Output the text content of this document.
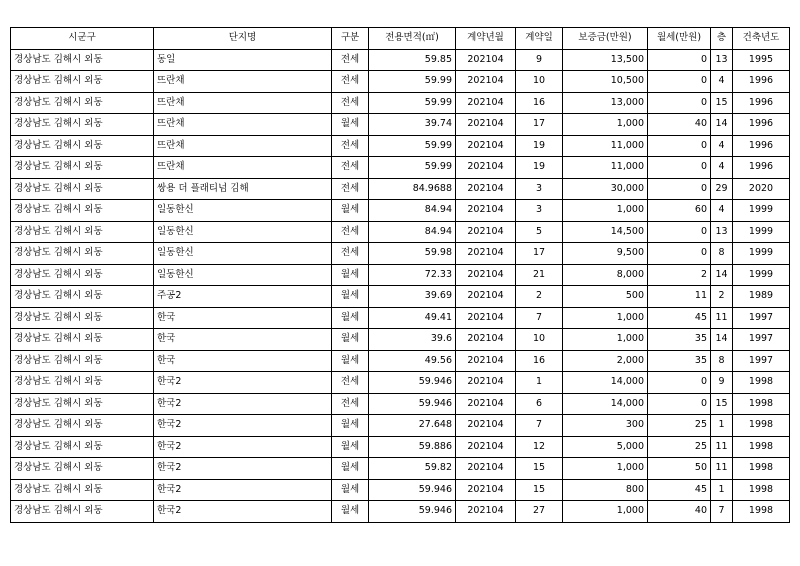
시군구	단지명	구분	전용면적(㎡)	계약년월	계약일	보증금(만원)	월세(만원)	층	건축년도
경상남도 김해시 외동	동일	전세	59.85	202104	9	13,500	0	13	1995
경상남도 김해시 외동	뜨란채	전세	59.99	202104	10	10,500	0	4	1996
경상남도 김해시 외동	뜨란채	전세	59.99	202104	16	13,000	0	15	1996
경상남도 김해시 외동	뜨란채	월세	39.74	202104	17	1,000	40	14	1996
경상남도 김해시 외동	뜨란채	전세	59.99	202104	19	11,000	0	4	1996
경상남도 김해시 외동	뜨란채	전세	59.99	202104	19	11,000	0	4	1996
경상남도 김해시 외동	쌍용 더 플래티넘 김해	전세	84.9688	202104	3	30,000	0	29	2020
경상남도 김해시 외동	일동한신	월세	84.94	202104	3	1,000	60	4	1999
경상남도 김해시 외동	일동한신	전세	84.94	202104	5	14,500	0	13	1999
경상남도 김해시 외동	일동한신	전세	59.98	202104	17	9,500	0	8	1999
경상남도 김해시 외동	일동한신	월세	72.33	202104	21	8,000	2	14	1999
경상남도 김해시 외동	주공2	월세	39.69	202104	2	500	11	2	1989
경상남도 김해시 외동	한국	월세	49.41	202104	7	1,000	45	11	1997
경상남도 김해시 외동	한국	월세	39.6	202104	10	1,000	35	14	1997
경상남도 김해시 외동	한국	월세	49.56	202104	16	2,000	35	8	1997
경상남도 김해시 외동	한국2	전세	59.946	202104	1	14,000	0	9	1998
경상남도 김해시 외동	한국2	전세	59.946	202104	6	14,000	0	15	1998
경상남도 김해시 외동	한국2	월세	27.648	202104	7	300	25	1	1998
경상남도 김해시 외동	한국2	월세	59.886	202104	12	5,000	25	11	1998
경상남도 김해시 외동	한국2	월세	59.82	202104	15	1,000	50	11	1998
경상남도 김해시 외동	한국2	월세	59.946	202104	15	800	45	1	1998
경상남도 김해시 외동	한국2	월세	59.946	202104	27	1,000	40	7	1998
